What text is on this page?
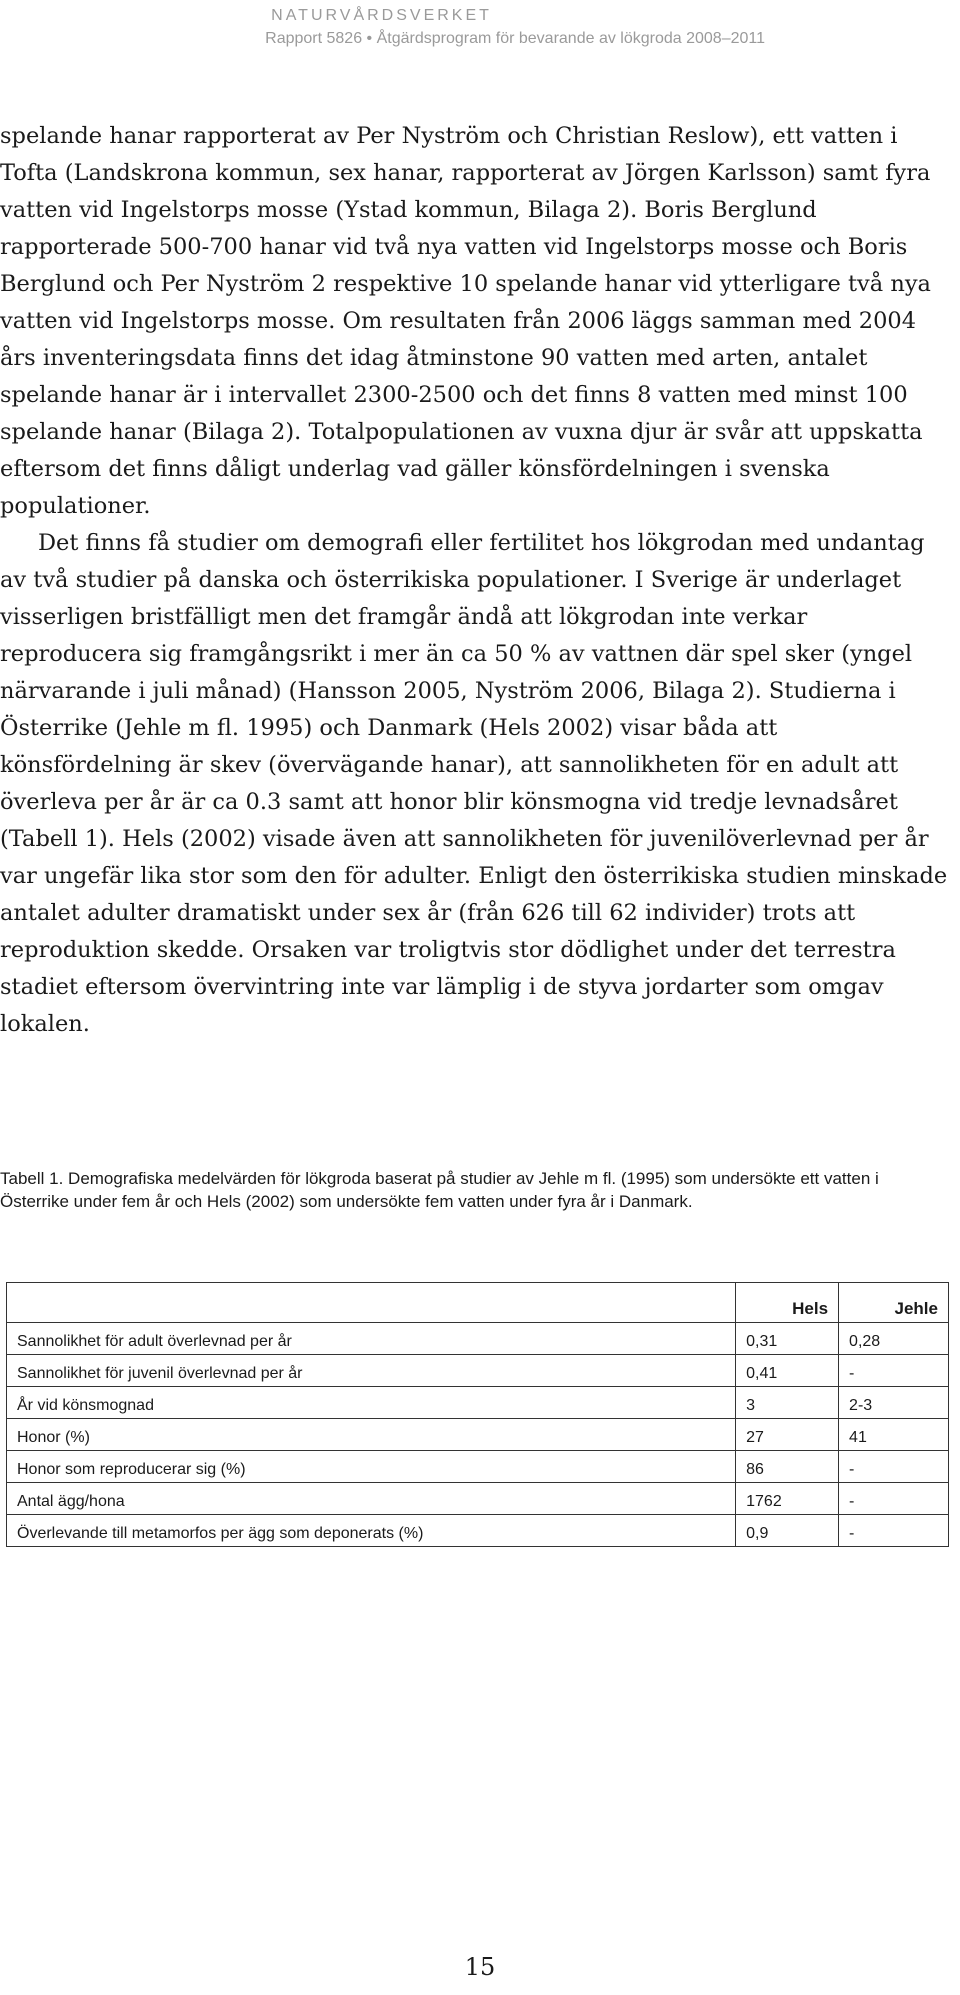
NATURVÅRDSVERKET
Rapport 5826 • Åtgärdsprogram för bevarande av lökgroda 2008–2011

spelande hanar rapporterat av Per Nyström och Christian Reslow), ett vatten i Tofta (Landskrona kommun, sex hanar, rapporterat av Jörgen Karlsson) samt fyra vatten vid Ingelstorps mosse (Ystad kommun, Bilaga 2). Boris Berglund rapporterade 500-700 hanar vid två nya vatten vid Ingelstorps mosse och Boris Berglund och Per Nyström 2 respektive 10 spelande hanar vid ytterligare två nya vatten vid Ingelstorps mosse. Om resultaten från 2006 läggs samman med 2004 års inventeringsdata finns det idag åtminstone 90 vatten med arten, antalet spelande hanar är i intervallet 2300-2500 och det finns 8 vatten med minst 100 spelande hanar (Bilaga 2). Totalpopulationen av vuxna djur är svår att uppskatta eftersom det finns dåligt underlag vad gäller könsfördelningen i svenska populationer.

Det finns få studier om demografi eller fertilitet hos lökgrodan med undantag av två studier på danska och österrikiska populationer. I Sverige är underlaget visserligen bristfälligt men det framgår ändå att lökgrodan inte verkar reproducera sig framgångsrikt i mer än ca 50 % av vattnen där spel sker (yngel närvarande i juli månad) (Hansson 2005, Nyström 2006, Bilaga 2). Studierna i Österrike (Jehle m fl. 1995) och Danmark (Hels 2002) visar båda att könsfördelning är skev (övervägande hanar), att sannolikheten för en adult att överleva per år är ca 0.3 samt att honor blir könsmogna vid tredje levnadsåret (Tabell 1). Hels (2002) visade även att sannolikheten för juvenilöverlevnad per år var ungefär lika stor som den för adulter. Enligt den österrikiska studien minskade antalet adulter dramatiskt under sex år (från 626 till 62 individer) trots att reproduktion skedde. Orsaken var troligtvis stor dödlighet under det terrestra stadiet eftersom övervintring inte var lämplig i de styva jordarter som omgav lokalen.

Tabell 1. Demografiska medelvärden för lökgroda baserat på studier av Jehle m fl. (1995) som undersökte ett vatten i Österrike under fem år och Hels (2002) som undersökte fem vatten under fyra år i Danmark.
	Hels	Jehle
Sannolikhet för adult överlevnad per år	0,31	0,28
Sannolikhet för juvenil överlevnad per år	0,41	-
År vid könsmognad	3	2-3
Honor (%)	27	41
Honor som reproducerar sig (%)	86	-
Antal ägg/hona	1762	-
Överlevande till metamorfos per ägg som deponerats (%)	0,9	-
15
